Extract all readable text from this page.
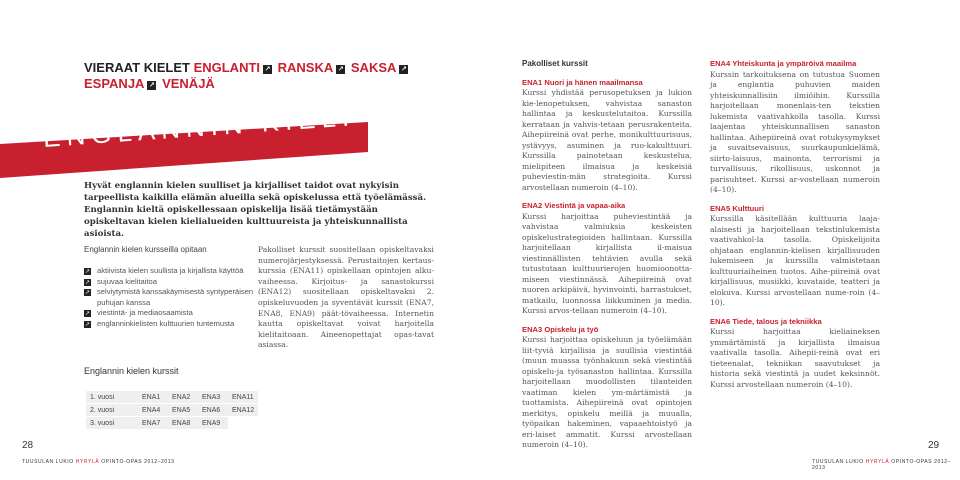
VIERAAT KIELET ENGLANTI ↗ RANSKA ↗ SAKSA ↗
ESPANJA ↗ VENÄJÄ
ENGLANNIN KIELI
Hyvät englannin kielen suulliset ja kirjalliset taidot ovat nykyisin tarpeellista kaikilla elämän alueilla sekä opiskelussa että työelämässä. Englannin kieltä opiskellessaan opiskelija lisää tietämystään opiskeltavan kielen kielialueiden kulttuureista ja yhteiskunnallista asioista.
Englannin kielen kursseilla opitaan
↗ aktiivista kielen suullista ja kirjallista käyttöä
↗ sujuvaa kielitaitoa
↗ selviytymistä kanssakäymisestä syntyperäisen puhujan kanssa
↗ viestintä- ja mediaosaamista
↗ englanninkielisten kulttuurien tuntemusta
Pakolliset kurssit suositellaan opiskeltavaksi numerojärjestyksessä. Perustaitojen kertaus-kurssia (ENA11) opiskellaan opintojen alku-vaiheessa. Kirjoitus- ja sanastokurssi (ENA12) suositellaan opiskeltavaksi 2. opiskeluvuoden ja syventävät kurssit (ENA7, ENA8, ENA9) päät-tövaiheessa. Internetin kautta opiskeltavat voivat harjoitella kielitaitoaan. Aineenopettajat opas-tavat asiassa.
Englannin kielen kurssit
1. vuosi	ENA1	ENA2	ENA3	ENA11
2. vuosi	ENA4	ENA5	ENA6	ENA12
3. vuosi	ENA7	ENA8	ENA9	
28	29
TUUSULAN LUKIO HYRYLÄ OPINTO-OPAS 2012–2013	TUUSULAN LUKIO HYRYLÄ OPINTO-OPAS 2012–2013
Pakolliset kurssit
ENA1 Nuori ja hänen maailmansa

Kurssi yhdistää perusopetuksen ja lukion kie-lenopetuksen, vahvistaa sanaston hallintaa ja keskustelutaitoa. Kurssilla kerrataan ja vahvis-tetaan perusrakenteita. Aihepiireinä ovat perhe, monikulttuurisuus, ystävyys, asuminen ja ruo-kakulttuuri. Kurssilla painotetaan keskustelua, mielipiteen ilmaisua ja keskeisiä puheviestin-män strategioita. Kurssi arvostellaan numeroin (4–10).

ENA2 Viestintä ja vapaa-aika

Kurssi harjoittaa puheviestintää ja vahvistaa valmiuksia keskeisten opiskelustrategioiden hallintaan. Kurssilla harjoitellaan kirjallista il-maisua viestinnällisten tehtävien avulla sekä tutustutaan kulttuurierojen huomioonotta-miseen viestinnässä. Aihepiireinä ovat nuoren arkipäivä, hyvinvointi, harrastukset, matkailu, luonnossa liikkuminen ja media. Kurssi arvos-tellaan numeroin (4–10).

ENA3 Opiskelu ja työ

Kurssi harjoittaa opiskeluun ja työelämään liit-tyviä kirjallisia ja suullisia viestintää (muun muassa työnhakuun sekä viestintää opiskelu-ja työsanaston hallintaa. Kurssilla harjoitellaan muodollisten tilanteiden vaatiman kielen ym-märtämistä ja tuottamista. Aihepiireinä ovat opintojen merkitys, opiskelu meillä ja muualla, työpaikan hakeminen, vapaaehtoistyö ja eri-laiset ammatit. Kurssi arvostellaan numeroin (4–10).

ENA4 Yhteiskunta ja ympäröivä maailma

Kurssin tarkoituksena on tutustua Suomen ja englantia puhuvien maiden yhteiskunnallisiin ilmiöihin. Kurssilla harjoitellaan monenlais-ten tekstien lukemista vaativahkolla tasolla. Kurssi laajentaa yhteiskunnallisen sanaston hallintaa. Aihepiireinä ovat rotukysymykset ja suvaitsevaisuus, suurkaupunkielämä, siirto-laisuus, mainonta, terrorismi ja turvallisuus, rikollisuus, uskonnot ja parisuhteet. Kurssi ar-vostellaan numeroin (4–10).

ENA5 Kulttuuri

Kurssilla käsitellään kulttuuria laaja-alaisesti ja harjoitellaan tekstinlukemista vaativahkol-la tasolla. Opiskelijoita ohjataan englannin-kielisen kirjallisuuden lukemiseen ja kurssilla valmistetaan kulttuuriaiheinen tuotos. Aihe-piireinä ovat kirjallisuus, musiikki, kuvataide, teatteri ja elokuva. Kurssi arvostellaan nume-roin (4–10).

ENA6 Tiede, talous ja tekniikka

Kurssi harjoittaa kieliaineksen ymmärtämistä ja kirjallista ilmaisua vaativalla tasolla. Aihepii-reinä ovat eri tieteenalat, tekniikan saavutukset ja historia sekä viestintä ja uudet keksinnöt. Kurssi arvostellaan numeroin (4–10).
